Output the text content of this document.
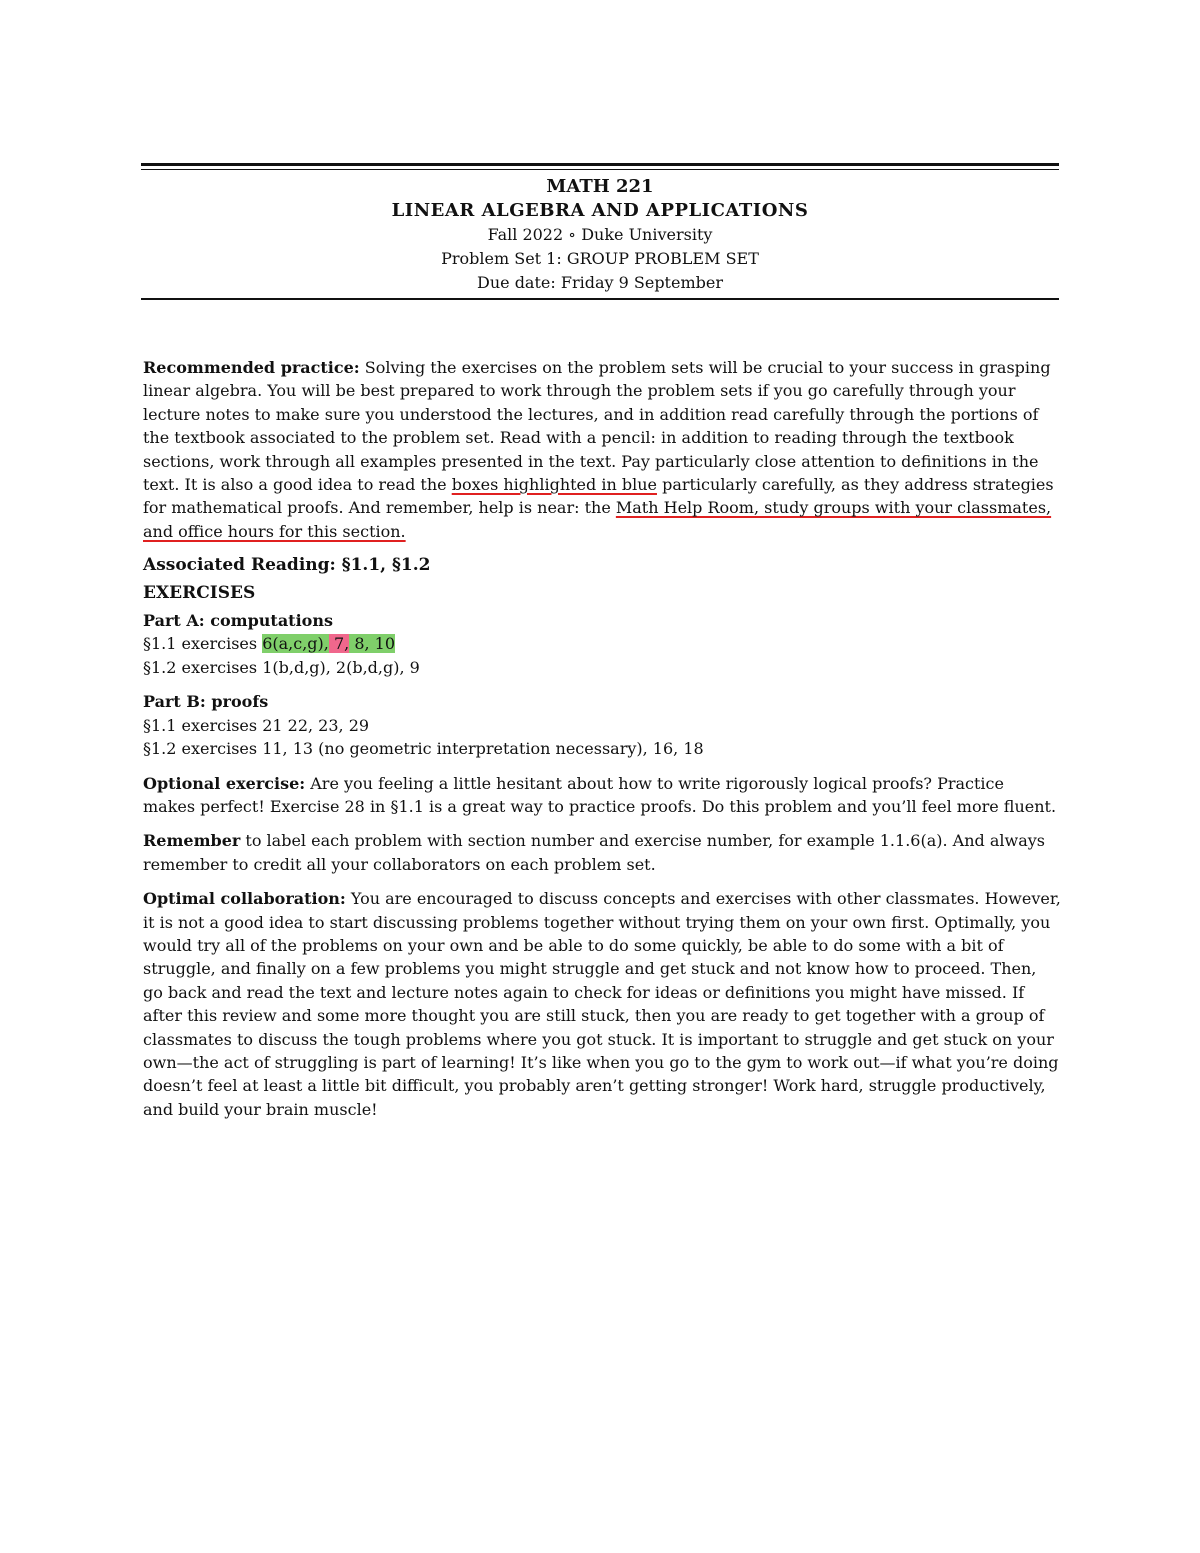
MATH 221
LINEAR ALGEBRA AND APPLICATIONS
Fall 2022 ∘ Duke University
Problem Set 1: GROUP PROBLEM SET
Due date: Friday 9 September

Recommended practice: Solving the exercises on the problem sets will be crucial to your success in grasping linear algebra. You will be best prepared to work through the problem sets if you go carefully through your lecture notes to make sure you understood the lectures, and in addition read carefully through the portions of the textbook associated to the problem set. Read with a pencil: in addition to reading through the textbook sections, work through all examples presented in the text. Pay particularly close attention to definitions in the text. It is also a good idea to read the boxes highlighted in blue particularly carefully, as they address strategies for mathematical proofs. And remember, help is near: the Math Help Room, study groups with your classmates, and office hours for this section.

Associated Reading: §1.1, §1.2

EXERCISES

Part A: computations

§1.1 exercises 6(a,c,g), 7, 8, 10

§1.2 exercises 1(b,d,g), 2(b,d,g), 9

Part B: proofs

§1.1 exercises 21 22, 23, 29

§1.2 exercises 11, 13 (no geometric interpretation necessary), 16, 18

Optional exercise: Are you feeling a little hesitant about how to write rigorously logical proofs? Practice makes perfect! Exercise 28 in §1.1 is a great way to practice proofs. Do this problem and you’ll feel more fluent.

Remember to label each problem with section number and exercise number, for example 1.1.6(a). And always remember to credit all your collaborators on each problem set.

Optimal collaboration: You are encouraged to discuss concepts and exercises with other classmates. However, it is not a good idea to start discussing problems together without trying them on your own first. Optimally, you would try all of the problems on your own and be able to do some quickly, be able to do some with a bit of struggle, and finally on a few problems you might struggle and get stuck and not know how to proceed. Then, go back and read the text and lecture notes again to check for ideas or definitions you might have missed. If after this review and some more thought you are still stuck, then you are ready to get together with a group of classmates to discuss the tough problems where you got stuck. It is important to struggle and get stuck on your own—the act of struggling is part of learning! It’s like when you go to the gym to work out—if what you’re doing doesn’t feel at least a little bit difficult, you probably aren’t getting stronger! Work hard, struggle productively, and build your brain muscle!
